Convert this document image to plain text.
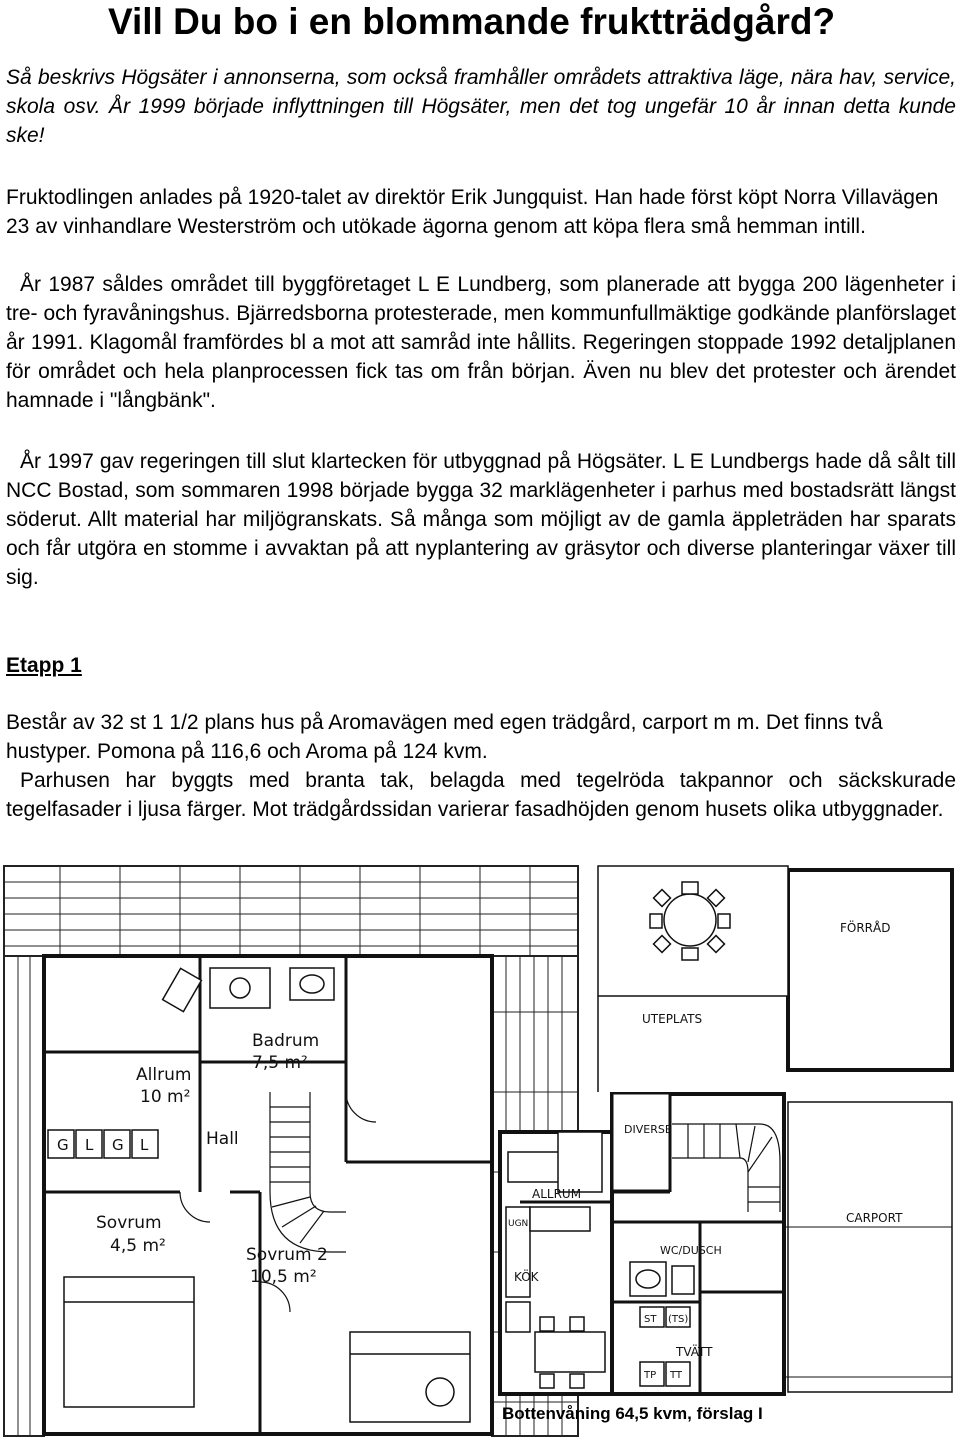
Vill Du bo i en blommande fruktträdgård?

Så beskrivs Högsäter i annonserna, som också framhåller områdets attraktiva läge, nära hav, service, skola osv. År 1999 började inflyttningen till Högsäter, men det tog ungefär 10 år innan detta kunde ske!

Fruktodlingen anlades på 1920-talet av direktör Erik Jungquist. Han hade först köpt Norra Villavägen 23 av vinhandlare Westerström och utökade ägorna genom att köpa flera små hemman intill.

År 1987 såldes området till byggföretaget L E Lundberg, som planerade att bygga 200 lägenheter i tre- och fyravåningshus. Bjärredsborna protesterade, men kommunfullmäktige godkände planförslaget år 1991. Klagomål framfördes bl a mot att samråd inte hållits. Regeringen stoppade 1992 detaljplanen för området och hela planprocessen fick tas om från början. Även nu blev det protester och ärendet hamnade i "långbänk".

År 1997 gav regeringen till slut klartecken för utbyggnad på Högsäter. L E Lundbergs hade då sålt till NCC Bostad, som sommaren 1998 började bygga 32 marklägenheter i parhus med bostadsrätt längst söderut. Allt material har miljögranskats. Så många som möjligt av de gamla äppleträden har sparats och får utgöra en stomme i avvaktan på att nyplantering av gräsytor och diverse planteringar växer till sig.

Etapp 1

Består av 32 st 1 1/2 plans hus på Aromavägen med egen trädgård, carport m m. Det finns två hustyper. Pomona på 116,6 och Aroma på 124 kvm.

Parhusen har byggts med branta tak, belagda med tegelröda takpannor och säckskurade tegelfasader i ljusa färger. Mot trädgårdssidan varierar fasadhöjden genom husets olika utbyggnader.

G L G L
Badrum
7,5 m²
Allrum
10 m²
Hall
Sovrum
4,5 m²	Sovrum 2
10,5 m²
FÖRRÅD
UTEPLATS
DIVERSE
ALLRUM
WC/DUSCH
CARPORT
KÖK
TVÄTT
UGN
ST (TS)
TP TT
Bottenvåning 64,5 kvm, förslag I
